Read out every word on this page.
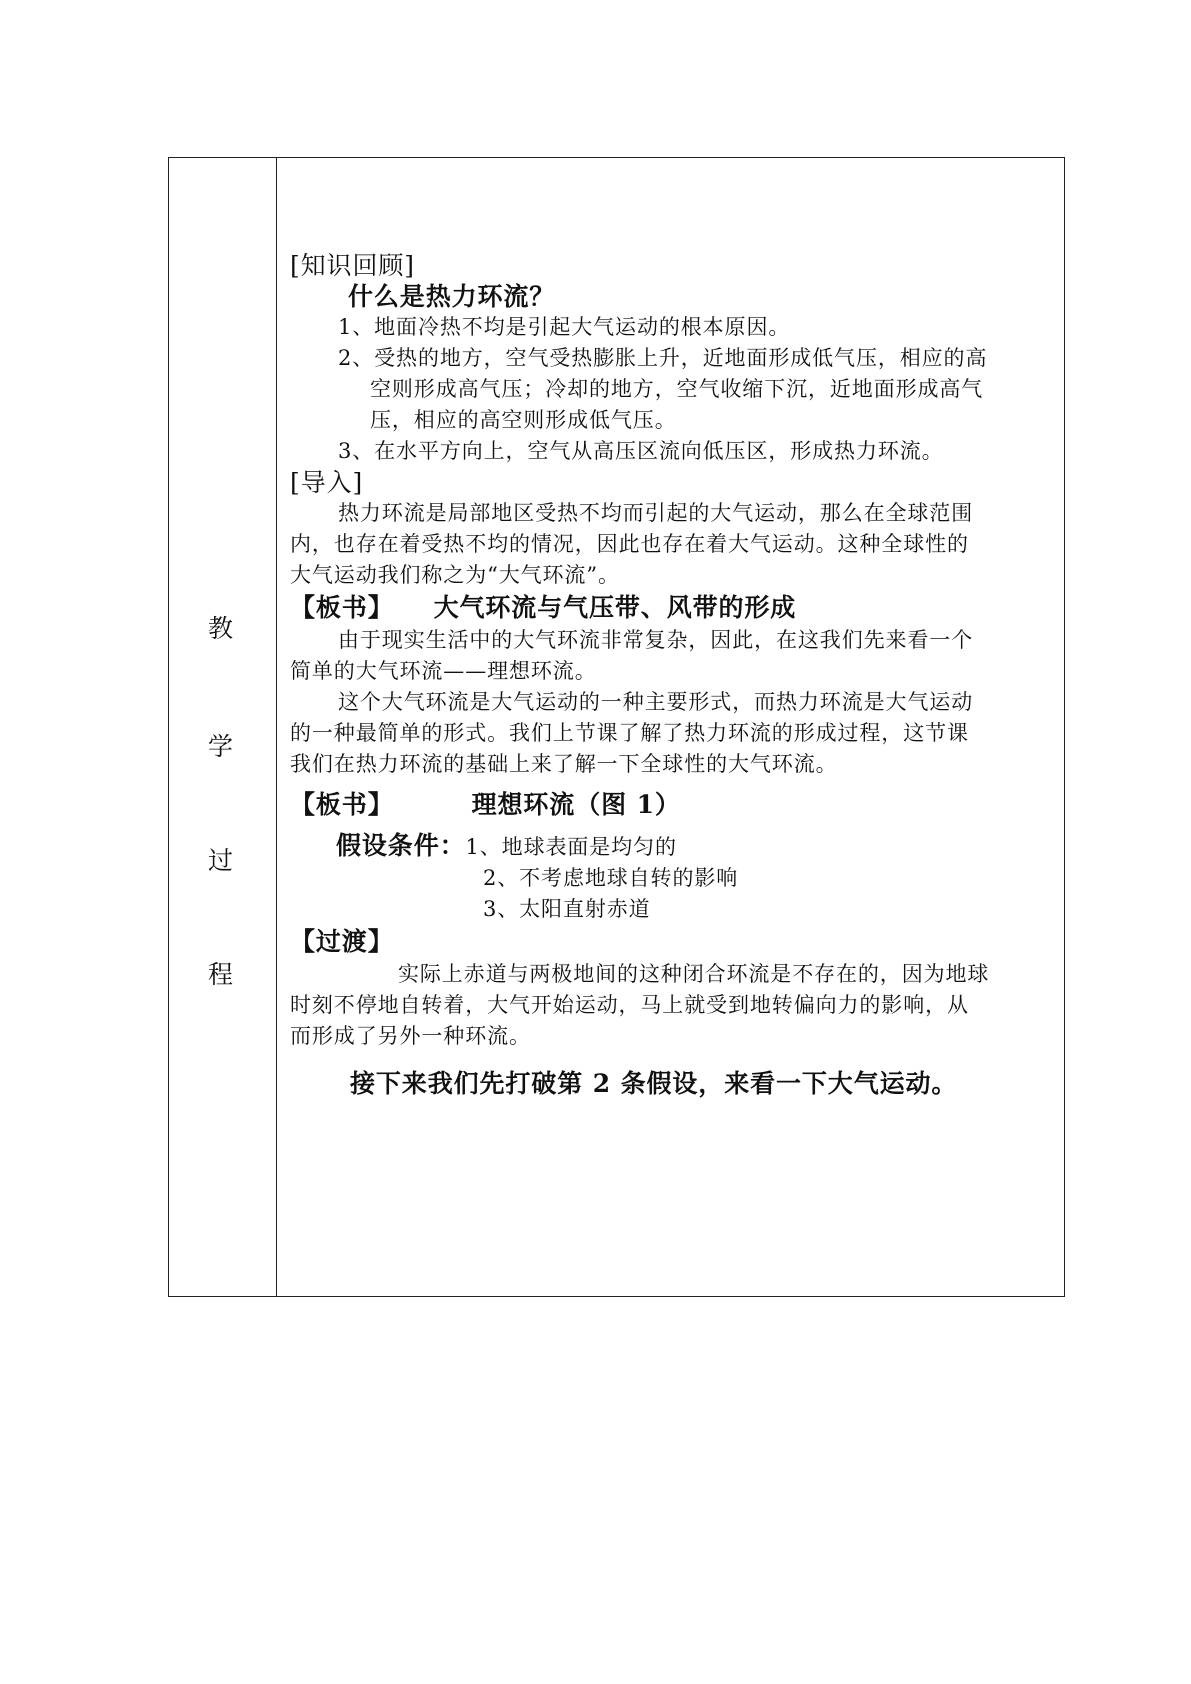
教
学
过
程
[知识回顾]
什么是热力环流？
1、地面冷热不均是引起大气运动的根本原因。
2、受热的地方，空气受热膨胀上升，近地面形成低气压，相应的高
空则形成高气压；冷却的地方，空气收缩下沉，近地面形成高气
压，相应的高空则形成低气压。
3、在水平方向上，空气从高压区流向低压区，形成热力环流。
[导入]
热力环流是局部地区受热不均而引起的大气运动，那么在全球范围
内，也存在着受热不均的情况，因此也存在着大气运动。这种全球性的
大气运动我们称之为“大气环流”。
【板书】 大气环流与气压带、风带的形成
由于现实生活中的大气环流非常复杂，因此，在这我们先来看一个
简单的大气环流——理想环流。
这个大气环流是大气运动的一种主要形式，而热力环流是大气运动
的一种最简单的形式。我们上节课了解了热力环流的形成过程，这节课
我们在热力环流的基础上来了解一下全球性的大气环流。
【板书】	理想环流（图 1）
假设条件：1、地球表面是均匀的
2、不考虑地球自转的影响
3、太阳直射赤道
【过渡】
实际上赤道与两极地间的这种闭合环流是不存在的，因为地球
时刻不停地自转着，大气开始运动，马上就受到地转偏向力的影响，从
而形成了另外一种环流。
接下来我们先打破第 2 条假设，来看一下大气运动。
